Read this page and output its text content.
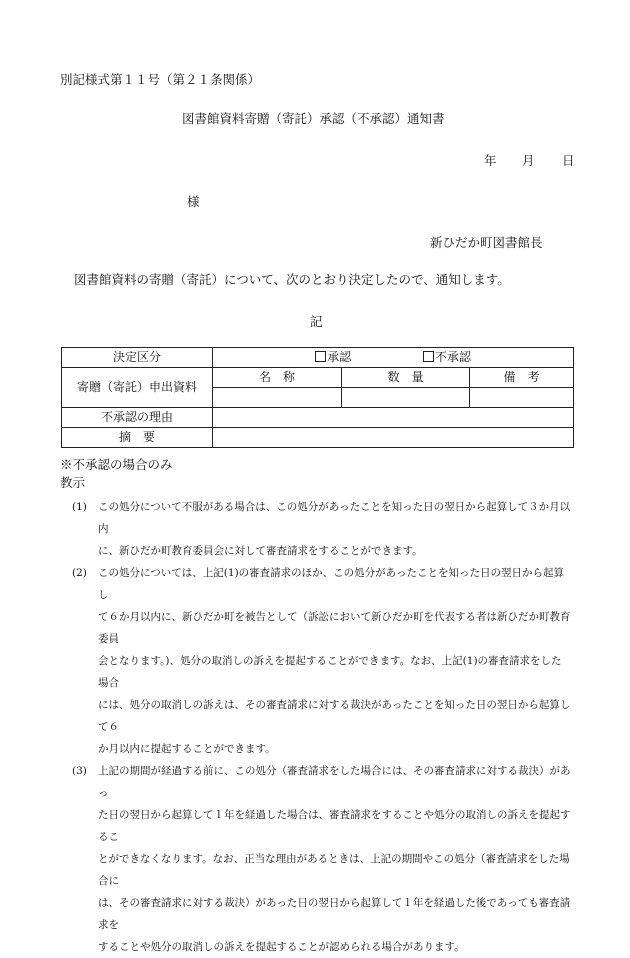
別記様式第１１号（第２１条関係）
図書館資料寄贈（寄託）承認（不承認）通知書
年 月 日
様
新ひだか町図書館長
図書館資料の寄贈（寄託）について、次のとおり決定したので、通知します。
記
決定区分	承認 不承認		
寄贈（寄託）申出資料	名　称	数　量	備　考

不承認の理由			
摘　要			
※不承認の場合のみ
教示
(1) この処分について不服がある場合は、この処分があったことを知った日の翌日から起算して３か月以内
に、新ひだか町教育委員会に対して審査請求をすることができます。
(2) この処分については、上記(1)の審査請求のほか、この処分があったことを知った日の翌日から起算し
て６か月以内に、新ひだか町を被告として（訴訟において新ひだか町を代表する者は新ひだか町教育委員
会となります。)、処分の取消しの訴えを提起することができます。なお、上記(1)の審査請求をした場合
には、処分の取消しの訴えは、その審査請求に対する裁決があったことを知った日の翌日から起算して６
か月以内に提起することができます。
(3) 上記の期間が経過する前に、この処分（審査請求をした場合には、その審査請求に対する裁決）があっ
た日の翌日から起算して１年を経過した場合は、審査請求をすることや処分の取消しの訴えを提起するこ
とができなくなります。なお、正当な理由があるときは、上記の期間やこの処分（審査請求をした場合に
は、その審査請求に対する裁決）があった日の翌日から起算して１年を経過した後であっても審査請求を
することや処分の取消しの訴えを提起することが認められる場合があります。
